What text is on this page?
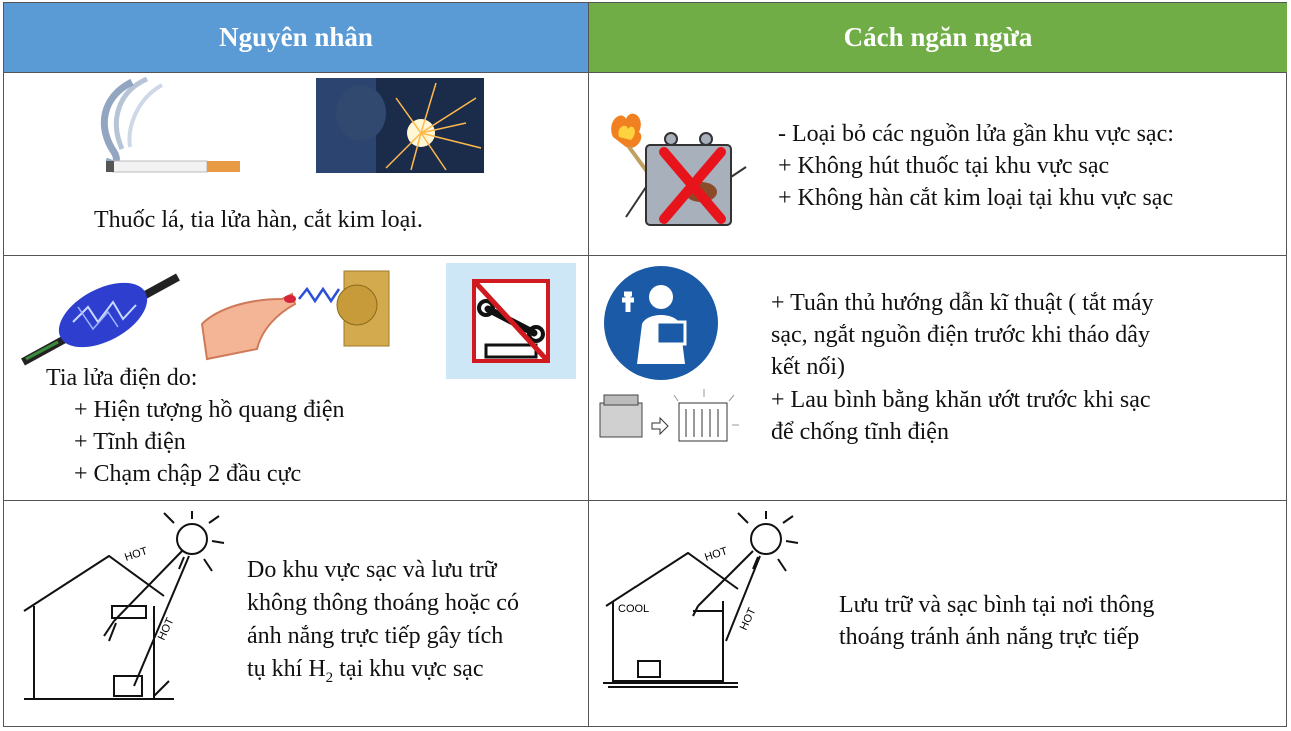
Nguyên nhân	Cách ngăn ngừa
Thuốc lá, tia lửa hàn, cắt kim loại.
- Loại bỏ các nguồn lửa gần khu vực sạc:
+ Không hút thuốc tại khu vực sạc
+ Không hàn cắt kim loại tại khu vực sạc
Tia lửa điện do:
+ Hiện tượng hồ quang điện
+ Tĩnh điện
+ Chạm chập 2 đầu cực
+ Tuân thủ hướng dẫn kĩ thuật ( tắt máy
sạc, ngắt nguồn điện trước khi tháo dây
kết nối)
+ Lau bình bằng khăn ướt trước khi sạc
để chống tĩnh điện
HOT
HOT
Do khu vực sạc và lưu trữ
không thông thoáng hoặc có
ánh nắng trực tiếp gây tích
tụ khí $H_2$ tại khu vực sạc
COOL
HOT
HOT
Lưu trữ và sạc bình tại nơi thông
thoáng tránh ánh nắng trực tiếp
